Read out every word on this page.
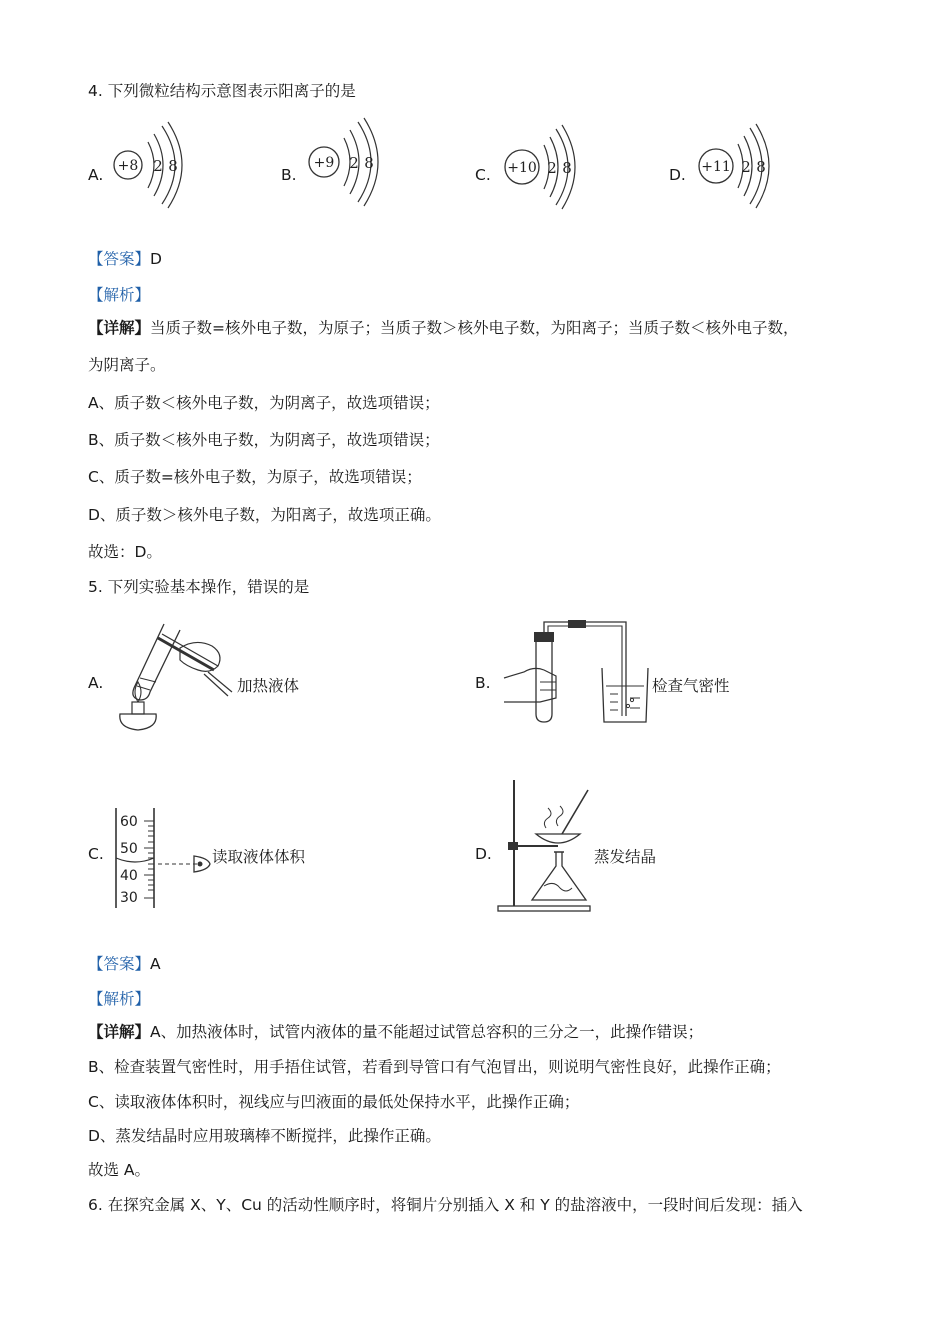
4. 下列微粒结构示意图表示阳离子的是
A. +8 2 8	B.
+9 2 8
C. +10 2 8	D. +11 2 8
【答案】D
【解析】
【详解】当质子数=核外电子数，为原子；当质子数＞核外电子数，为阳离子；当质子数＜核外电子数，
为阴离子。
A、质子数＜核外电子数，为阴离子，故选项错误；
B、质子数＜核外电子数，为阴离子，故选项错误；
C、质子数=核外电子数，为原子，故选项错误；
D、质子数＞核外电子数，为阳离子，故选项正确。
故选：D。
5. 下列实验基本操作，错误的是
A.	加热液体	B.	检查气密性
C.
60
50
40
30
读取液体体积	D.	蒸发结晶
【答案】A
【解析】
【详解】A、加热液体时，试管内液体的量不能超过试管总容积的三分之一，此操作错误；
B、检查装置气密性时，用手捂住试管，若看到导管口有气泡冒出，则说明气密性良好，此操作正确；
C、读取液体体积时，视线应与凹液面的最低处保持水平，此操作正确；
D、蒸发结晶时应用玻璃棒不断搅拌，此操作正确。
故选 A。
6. 在探究金属 X、Y、Cu 的活动性顺序时，将铜片分别插入 X 和 Y 的盐溶液中，一段时间后发现：插入
